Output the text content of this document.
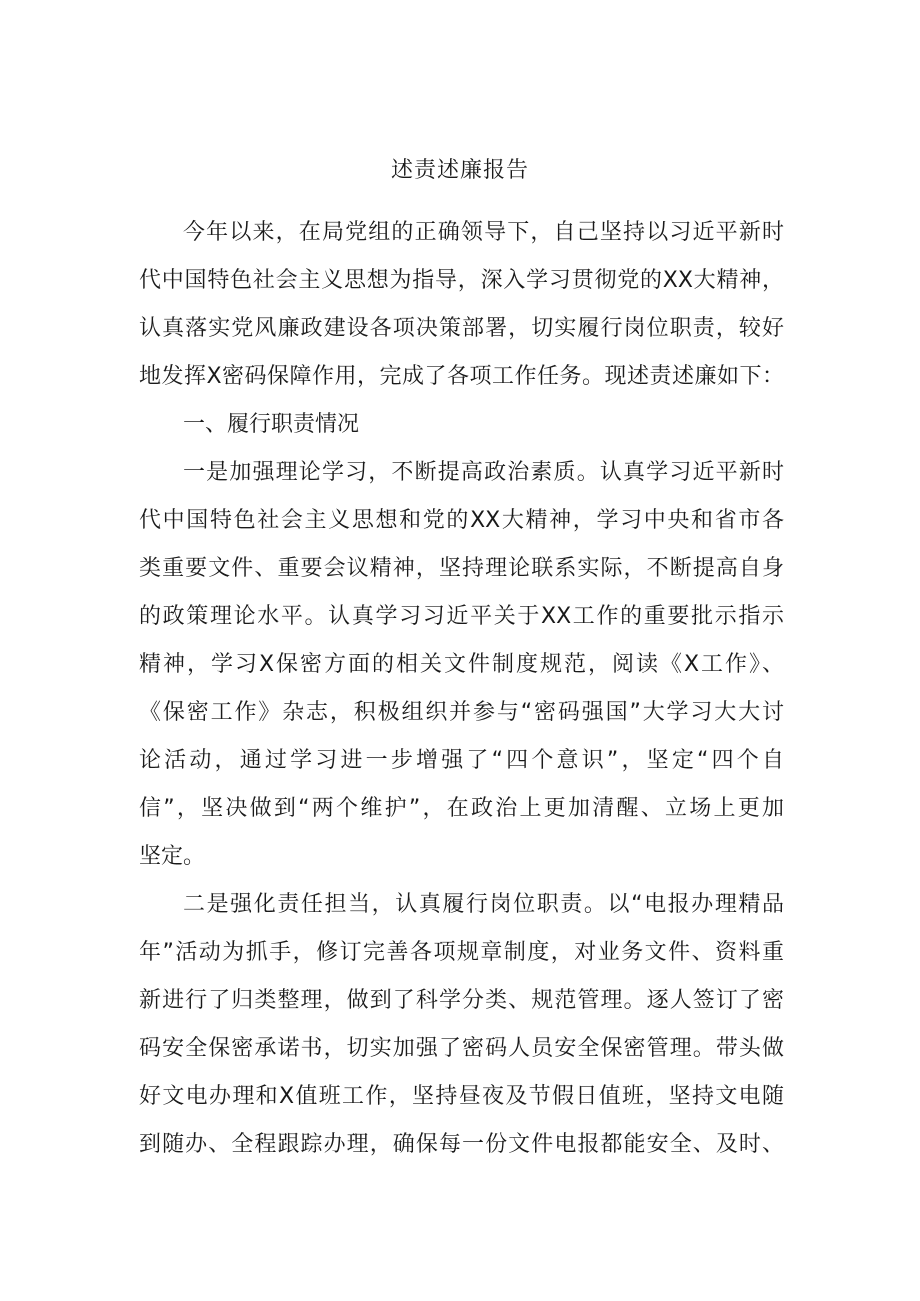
述责述廉报告
今年以来，在局党组的正确领导下，自己坚持以习近平新时
代中国特色社会主义思想为指导，深入学习贯彻党的XX大精神，
认真落实党风廉政建设各项决策部署，切实履行岗位职责，较好
地发挥X密码保障作用，完成了各项工作任务。现述责述廉如下：
一、履行职责情况
一是加强理论学习，不断提高政治素质。认真学习近平新时
代中国特色社会主义思想和党的XX大精神，学习中央和省市各
类重要文件、重要会议精神，坚持理论联系实际，不断提高自身
的政策理论水平。认真学习习近平关于XX工作的重要批示指示
精神，学习X保密方面的相关文件制度规范，阅读《X工作》、
《保密工作》杂志，积极组织并参与“密码强国”大学习大大讨
论活动，通过学习进一步增强了“四个意识”，坚定“四个自
信”，坚决做到“两个维护”，在政治上更加清醒、立场上更加
坚定。
二是强化责任担当，认真履行岗位职责。以“电报办理精品
年”活动为抓手，修订完善各项规章制度，对业务文件、资料重
新进行了归类整理，做到了科学分类、规范管理。逐人签订了密
码安全保密承诺书，切实加强了密码人员安全保密管理。带头做
好文电办理和X值班工作，坚持昼夜及节假日值班，坚持文电随
到随办、全程跟踪办理，确保每一份文件电报都能安全、及时、
